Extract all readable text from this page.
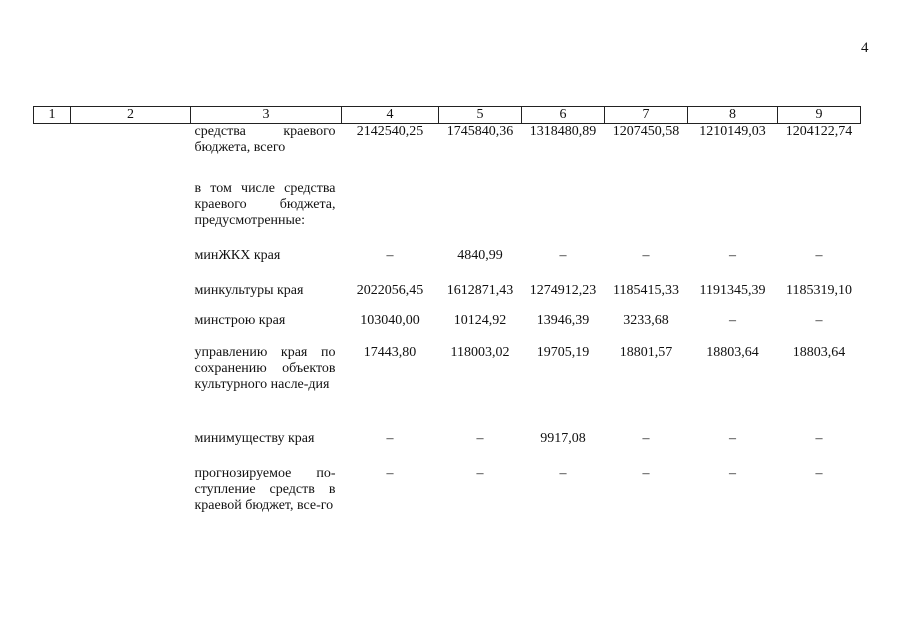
4
1	2	3	4	5	6	7	8	9

		средства краевого бюджета, всего	2142540,25	1745840,36	1318480,89	1207450,58	1210149,03	1204122,74

		в том числе средства краевого бюджета, предусмотренные:						

		минЖКХ края	–	4840,99	–	–	–	–

		минкультуры края	2022056,45	1612871,43	1274912,23	1185415,33	1191345,39	1185319,10

		минстрою края	103040,00	10124,92	13946,39	3233,68	–	–

		управлению края по сохранению объектов культурного насле-дия	17443,80	118003,02	19705,19	18801,57	18803,64	18803,64

		минимуществу края	–	–	9917,08	–	–	–

		прогнозируемое по-ступление средств в краевой бюджет, все-го	–	–	–	–	–	–
